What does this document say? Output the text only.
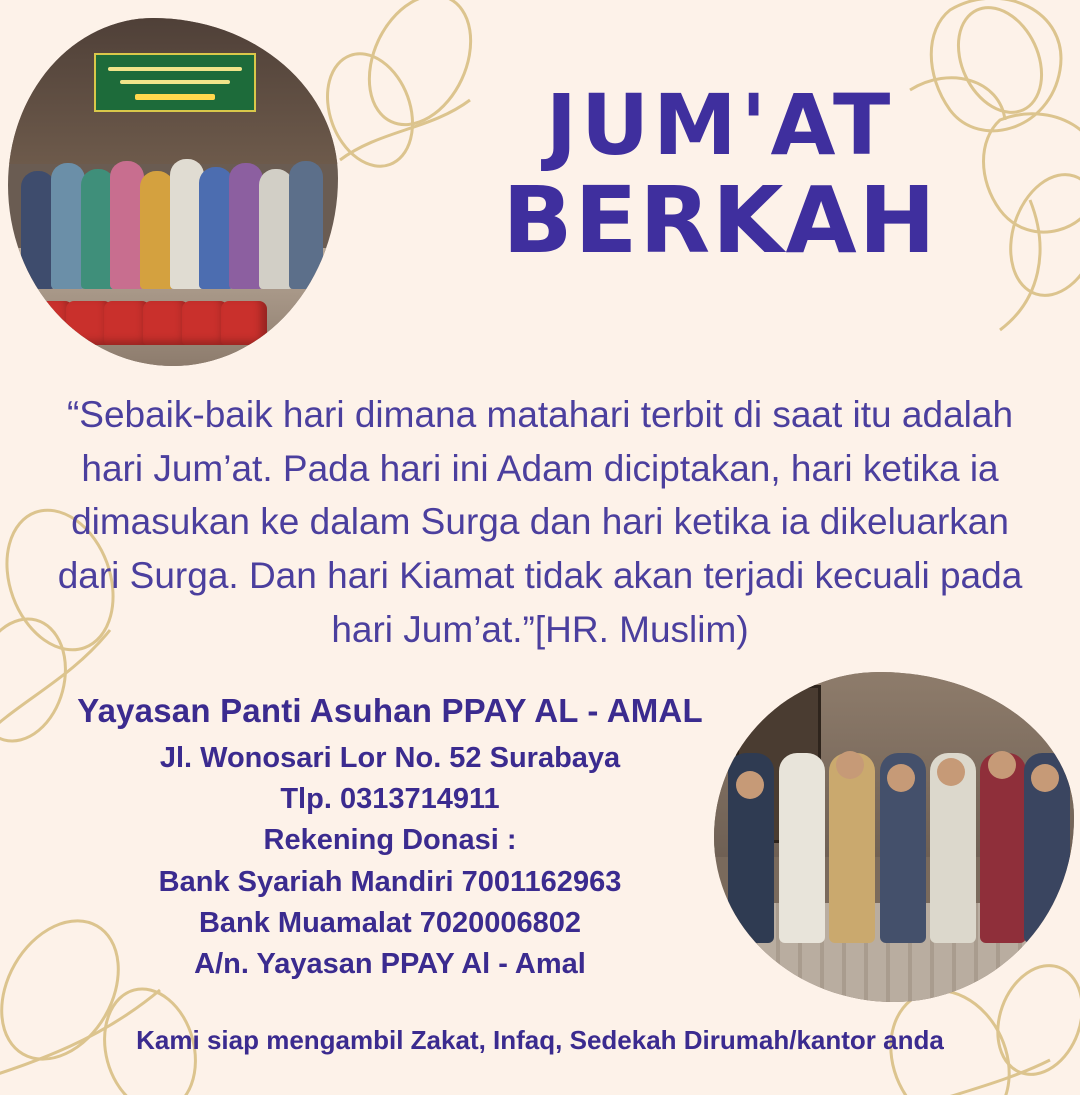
JUM'AT
BERKAH
“Sebaik-baik hari dimana matahari terbit di saat itu adalah hari Jum’at. Pada hari ini Adam diciptakan, hari ketika ia dimasukan ke dalam Surga dan hari ketika ia dikeluarkan dari Surga. Dan hari Kiamat tidak akan terjadi kecuali pada hari Jum’at.”[HR. Muslim)
Yayasan Panti Asuhan PPAY AL - AMAL
Jl. Wonosari Lor No. 52 Surabaya
Tlp. 0313714911
Rekening Donasi :
Bank Syariah Mandiri 7001162963
Bank Muamalat 7020006802
A/n. Yayasan PPAY Al - Amal
Kami siap mengambil Zakat, Infaq, Sedekah Dirumah/kantor anda
